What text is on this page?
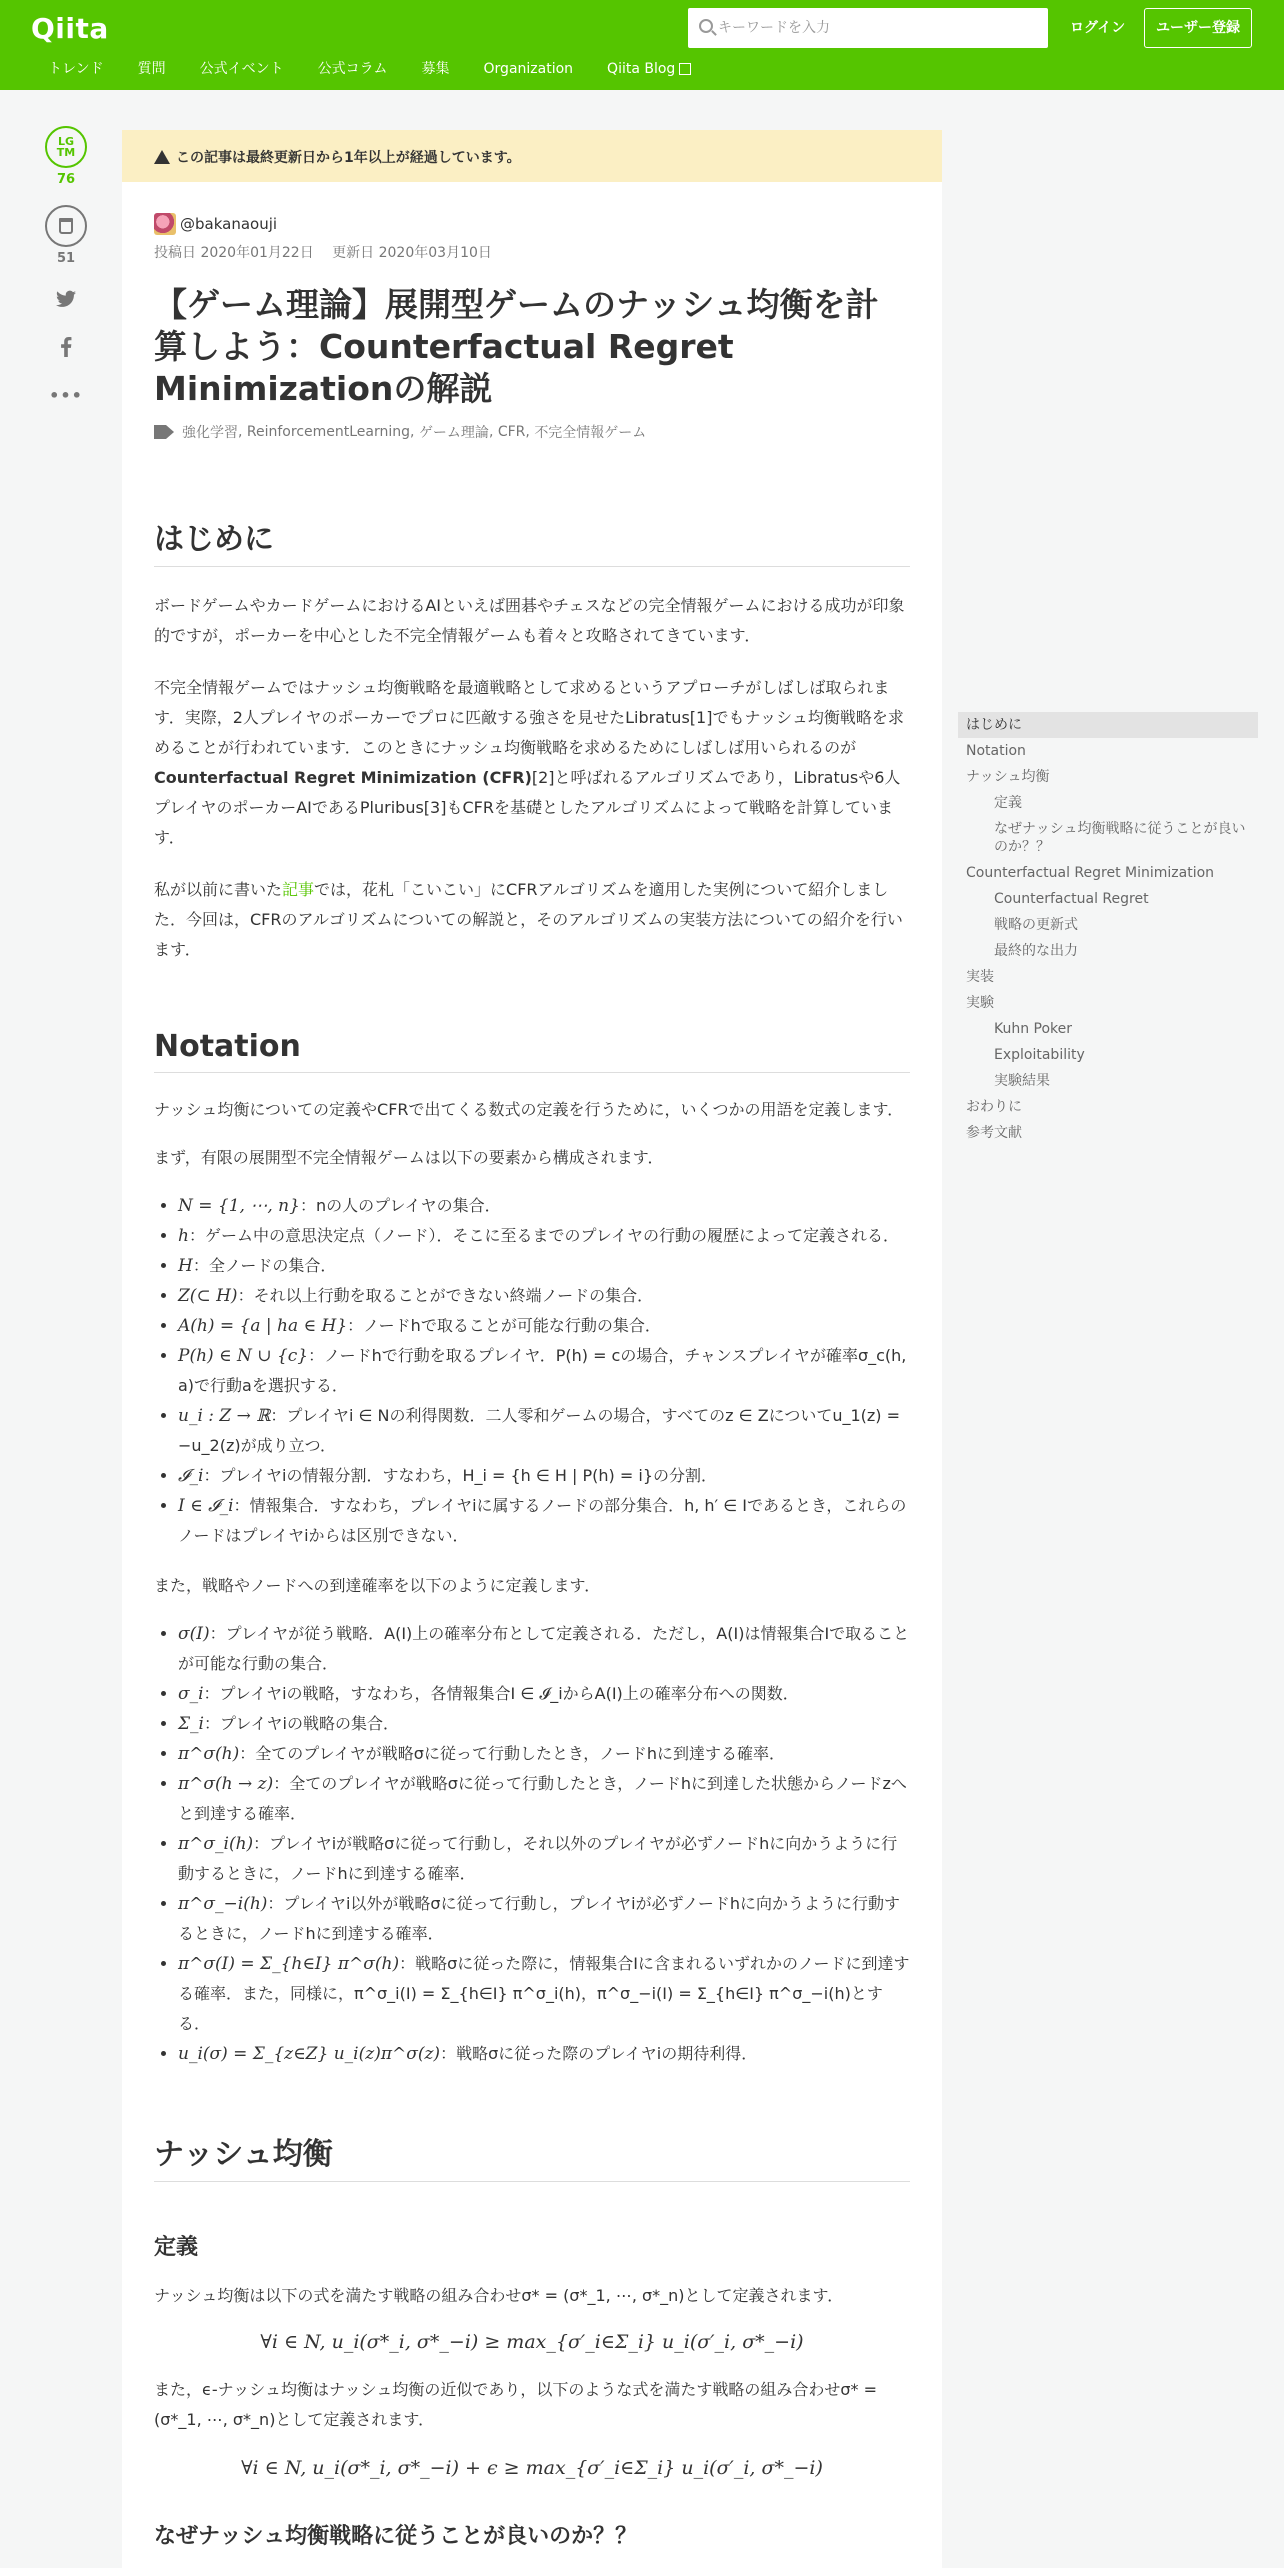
Qiita
キーワードを入力	ログイン	ユーザー登録
トレンド 質問 公式イベント 公式コラム 募集 Organization Qiita Blog
LGTM
76
51
•••
この記事は最終更新日から1年以上が経過しています。
@bakanaouji
投稿日 2020年01月22日 更新日 2020年03月10日
【ゲーム理論】展開型ゲームのナッシュ均衡を計算しよう：Counterfactual Regret Minimizationの解説
強化学習 , ReinforcementLearning , ゲーム理論 , CFR , 不完全情報ゲーム
はじめに

ボードゲームやカードゲームにおけるAIといえば囲碁やチェスなどの完全情報ゲームにおける成功が印象的ですが，ポーカーを中心とした不完全情報ゲームも着々と攻略されてきています．

不完全情報ゲームではナッシュ均衡戦略を最適戦略として求めるというアプローチがしばしば取られます．実際，2人プレイヤのポーカーでプロに匹敵する強さを見せたLibratus[1]でもナッシュ均衡戦略を求めることが行われています．このときにナッシュ均衡戦略を求めるためにしばしば用いられるのがCounterfactual Regret Minimization (CFR)[2]と呼ばれるアルゴリズムであり，Libratusや6人プレイヤのポーカーAIであるPluribus[3]もCFRを基礎としたアルゴリズムによって戦略を計算しています．

私が以前に書いた記事では，花札「こいこい」にCFRアルゴリズムを適用した実例について紹介しました．今回は，CFRのアルゴリズムについての解説と，そのアルゴリズムの実装方法についての紹介を行います．

Notation

ナッシュ均衡についての定義やCFRで出てくる数式の定義を行うために，いくつかの用語を定義します．

まず，有限の展開型不完全情報ゲームは以下の要素から構成されます．

• N = {1, ⋯, n}：nの人のプレイヤの集合．
• h：ゲーム中の意思決定点（ノード）．そこに至るまでのプレイヤの行動の履歴によって定義される．
• H：全ノードの集合．
• Z(⊂ H)：それ以上行動を取ることができない終端ノードの集合．
• A(h) = {a | ha ∈ H}：ノードhで取ることが可能な行動の集合．
• P(h) ∈ N ∪ {c}：ノードhで行動を取るプレイヤ．P(h) = cの場合，チャンスプレイヤが確率σ_c(h, a)で行動aを選択する．
• u_i : Z → ℝ：プレイヤi ∈ Nの利得関数．二人零和ゲームの場合，すべてのz ∈ Zについてu_1(z) = −u_2(z)が成り立つ．
• 𝓘_i：プレイヤiの情報分割．すなわち，H_i = {h ∈ H | P(h) = i}の分割．
• I ∈ 𝓘_i：情報集合．すなわち，プレイヤiに属するノードの部分集合．h, h′ ∈ Iであるとき，これらのノードはプレイヤiからは区別できない．

また，戦略やノードへの到達確率を以下のように定義します．

• σ(I)：プレイヤが従う戦略．A(I)上の確率分布として定義される．ただし，A(I)は情報集合Iで取ることが可能な行動の集合．
• σ_i：プレイヤiの戦略，すなわち，各情報集合I ∈ 𝓘_iからA(I)上の確率分布への関数．
• Σ_i：プレイヤiの戦略の集合．
• π^σ(h)：全てのプレイヤが戦略σに従って行動したとき，ノードhに到達する確率．
• π^σ(h → z)：全てのプレイヤが戦略σに従って行動したとき，ノードhに到達した状態からノードzへと到達する確率．
• π^σ_i(h)：プレイヤiが戦略σに従って行動し，それ以外のプレイヤが必ずノードhに向かうように行動するときに，ノードhに到達する確率．
• π^σ_−i(h)：プレイヤi以外が戦略σに従って行動し，プレイヤiが必ずノードhに向かうように行動するときに，ノードhに到達する確率．
• π^σ(I) = Σ_{h∈I} π^σ(h)：戦略σに従った際に，情報集合Iに含まれるいずれかのノードに到達する確率．また，同様に，π^σ_i(I) = Σ_{h∈I} π^σ_i(h)，π^σ_−i(I) = Σ_{h∈I} π^σ_−i(h)とする．
• u_i(σ) = Σ_{z∈Z} u_i(z)π^σ(z)：戦略σに従った際のプレイヤiの期待利得．
ナッシュ均衡
定義

ナッシュ均衡は以下の式を満たす戦略の組み合わせσ* = (σ*_1, ⋯, σ*_n)として定義されます．

∀i ∈ N, u_i(σ*_i, σ*_−i) ≥ max_{σ′_i∈Σ_i} u_i(σ′_i, σ*_−i)

また，ϵ-ナッシュ均衡はナッシュ均衡の近似であり，以下のような式を満たす戦略の組み合わせσ* = (σ*_1, ⋯, σ*_n)として定義されます．

∀i ∈ N, u_i(σ*_i, σ*_−i) + ϵ ≥ max_{σ′_i∈Σ_i} u_i(σ′_i, σ*_−i)
なぜナッシュ均衡戦略に従うことが良いのか？？
はじめに
Notation
ナッシュ均衡
定義
なぜナッシュ均衡戦略に従うことが良いのか？？
Counterfactual Regret Minimization
Counterfactual Regret
戦略の更新式
最終的な出力
実装
実験
Kuhn Poker
Exploitability
実験結果
おわりに
参考文献
